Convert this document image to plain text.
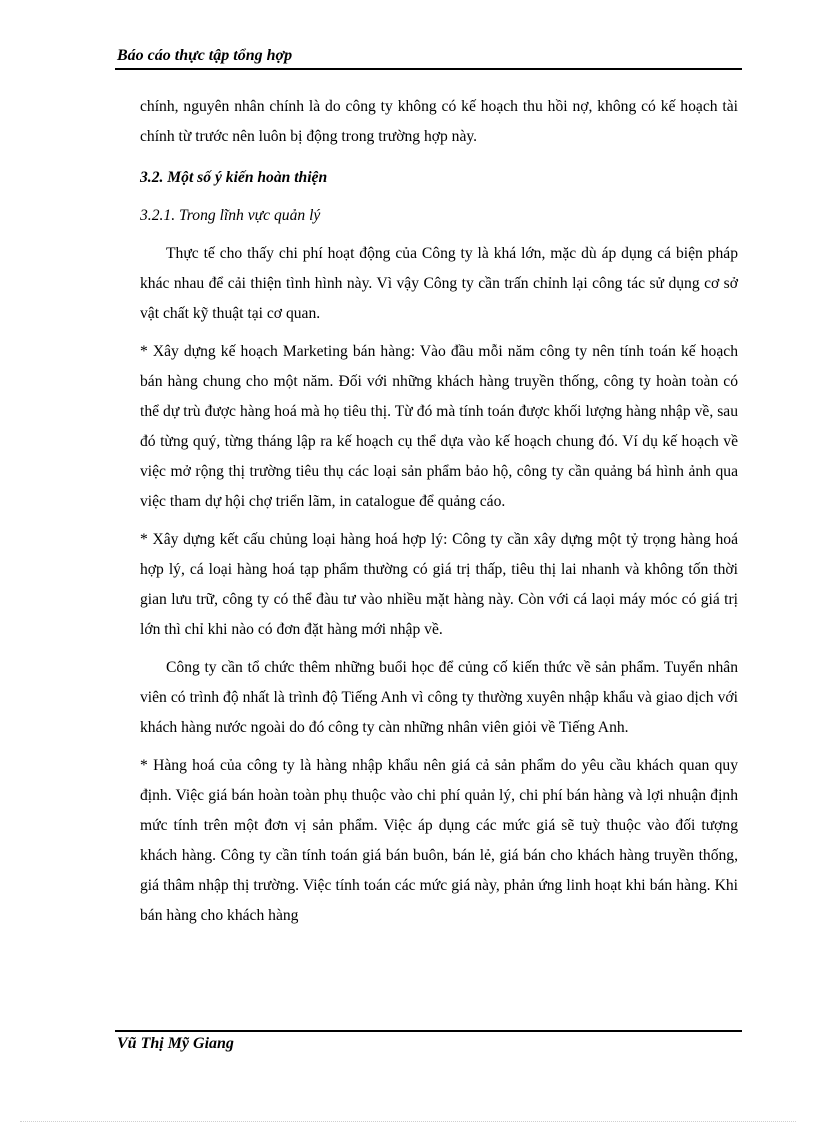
Báo cáo thực tập tổng hợp

chính, nguyên nhân chính là do công ty không có kế hoạch thu hồi nợ, không có kế hoạch tài chính từ trước nên luôn bị động trong trường hợp này.

3.2. Một số ý kiến hoàn thiện

3.2.1. Trong lĩnh vực quản lý

Thực tế cho thấy chi phí hoạt động của Công ty là khá lớn, mặc dù áp dụng cá biện pháp khác nhau để cải thiện tình hình này. Vì vậy Công ty cần trấn chỉnh lại công tác sử dụng cơ sở vật chất kỹ thuật tại cơ quan.

* Xây dựng kế hoạch Marketing bán hàng: Vào đầu mỗi năm công ty nên tính toán kế hoạch bán hàng chung cho một năm. Đối với những khách hàng truyền thống, công ty hoàn toàn có thể dự trù được hàng hoá mà họ tiêu thị. Từ đó mà tính toán được khối lượng hàng nhập về, sau đó từng quý, từng tháng lập ra kế hoạch cụ thể dựa vào kế hoạch chung đó. Ví dụ kế hoạch về việc mở rộng thị trường tiêu thụ các loại sản phẩm bảo hộ, công ty cần quảng bá hình ảnh qua việc tham dự hội chợ triển lãm, in catalogue để quảng cáo.

* Xây dựng kết cấu chủng loại hàng hoá hợp lý: Công ty cần xây dựng một tỷ trọng hàng hoá hợp lý, cá loại hàng hoá tạp phẩm thường có giá trị thấp, tiêu thị lai nhanh và không tốn thời gian lưu trữ, công ty có thể đàu tư vào nhiều mặt hàng này. Còn với cá laọi máy móc có giá trị lớn thì chỉ khi nào có đơn đặt hàng mới nhập về.

Công ty cần tổ chức thêm những buổi học để củng cố kiến thức về sản phẩm. Tuyển nhân viên có trình độ nhất là trình độ Tiếng Anh vì công ty thường xuyên nhập khẩu và giao dịch với khách hàng nước ngoài do đó công ty càn những nhân viên giỏi về Tiếng Anh.

* Hàng hoá của công ty là hàng nhập khẩu nên giá cả sản phẩm do yêu cầu khách quan quy định. Việc giá bán hoàn toàn phụ thuộc vào chi phí quản lý, chi phí bán hàng và lợi nhuận định mức tính trên một đơn vị sản phẩm. Việc áp dụng các mức giá sẽ tuỳ thuộc vào đối tượng khách hàng. Công ty cần tính toán giá bán buôn, bán lẻ, giá bán cho khách hàng truyền thống, giá thâm nhập thị trường. Việc tính toán các mức giá này, phản ứng linh hoạt khi bán hàng. Khi bán hàng cho khách hàng

Vũ Thị Mỹ Giang
